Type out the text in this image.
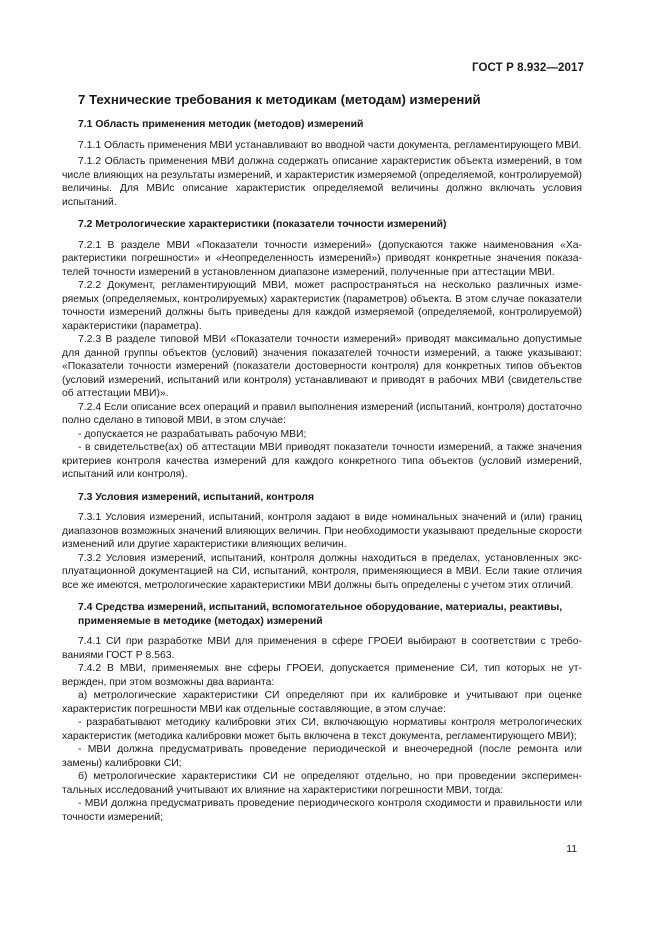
ГОСТ Р 8.932—2017
7 Технические требования к методикам (методам) измерений
7.1 Область применения методик (методов) измерений

7.1.1 Область применения МВИ устанавливают во вводной части документа, регламентирующего МВИ.

7.1.2 Область применения МВИ должна содержать описание характеристик объекта измерений, в том числе влияющих на результаты измерений, и характеристик измеряемой (определяемой, контролируемой) величины. Для МВИс описание характеристик определяемой величины должно включать условия испытаний.

7.2 Метрологические характеристики (показатели точности измерений)

7.2.1 В разделе МВИ «Показатели точности измерений» (допускаются также наименования «Характеристики погрешности» и «Неопределенность измерений») приводят конкретные значения показателей точности измерений в установленном диапазоне измерений, полученные при аттестации МВИ.

7.2.2 Документ, регламентирующий МВИ, может распространяться на несколько различных измеряемых (определяемых, контролируемых) характеристик (параметров) объекта. В этом случае показатели точности измерений должны быть приведены для каждой измеряемой (определяемой, контролируемой) характеристики (параметра).

7.2.3 В разделе типовой МВИ «Показатели точности измерений» приводят максимально допустимые для данной группы объектов (условий) значения показателей точности измерений, а также указывают: «Показатели точности измерений (показатели достоверности контроля) для конкретных типов объектов (условий измерений, испытаний или контроля) устанавливают и приводят в рабочих МВИ (свидетельстве об аттестации МВИ)».

7.2.4 Если описание всех операций и правил выполнения измерений (испытаний, контроля) достаточно полно сделано в типовой МВИ, в этом случае:

- допускается не разрабатывать рабочую МВИ;

- в свидетельстве(ах) об аттестации МВИ приводят показатели точности измерений, а также значения критериев контроля качества измерений для каждого конкретного типа объектов (условий измерений, испытаний или контроля).

7.3 Условия измерений, испытаний, контроля

7.3.1 Условия измерений, испытаний, контроля задают в виде номинальных значений и (или) границ диапазонов возможных значений влияющих величин. При необходимости указывают предельные скорости изменений или другие характеристики влияющих величин.

7.3.2 Условия измерений, испытаний, контроля должны находиться в пределах, установленных эксплуатационной документацией на СИ, испытаний, контроля, применяющиеся в МВИ. Если такие отличия все же имеются, метрологические характеристики МВИ должны быть определены с учетом этих отличий.

7.4 Средства измерений, испытаний, вспомогательное оборудование, материалы, реактивы, применяемые в методике (методах) измерений

7.4.1 СИ при разработке МВИ для применения в сфере ГРОЕИ выбирают в соответствии с требованиями ГОСТ Р 8.563.

7.4.2 В МВИ, применяемых вне сферы ГРОЕИ, допускается применение СИ, тип которых не утвержден, при этом возможны два варианта:

а) метрологические характеристики СИ определяют при их калибровке и учитывают при оценке характеристик погрешности МВИ как отдельные составляющие, в этом случае:

- разрабатывают методику калибровки этих СИ, включающую нормативы контроля метрологических характеристик (методика калибровки может быть включена в текст документа, регламентирующего МВИ);

- МВИ должна предусматривать проведение периодической и внеочередной (после ремонта или замены) калибровки СИ;

б) метрологические характеристики СИ не определяют отдельно, но при проведении экспериментальных исследований учитывают их влияние на характеристики погрешности МВИ, тогда:

- МВИ должна предусматривать проведение периодического контроля сходимости и правильности или точности измерений;

11
